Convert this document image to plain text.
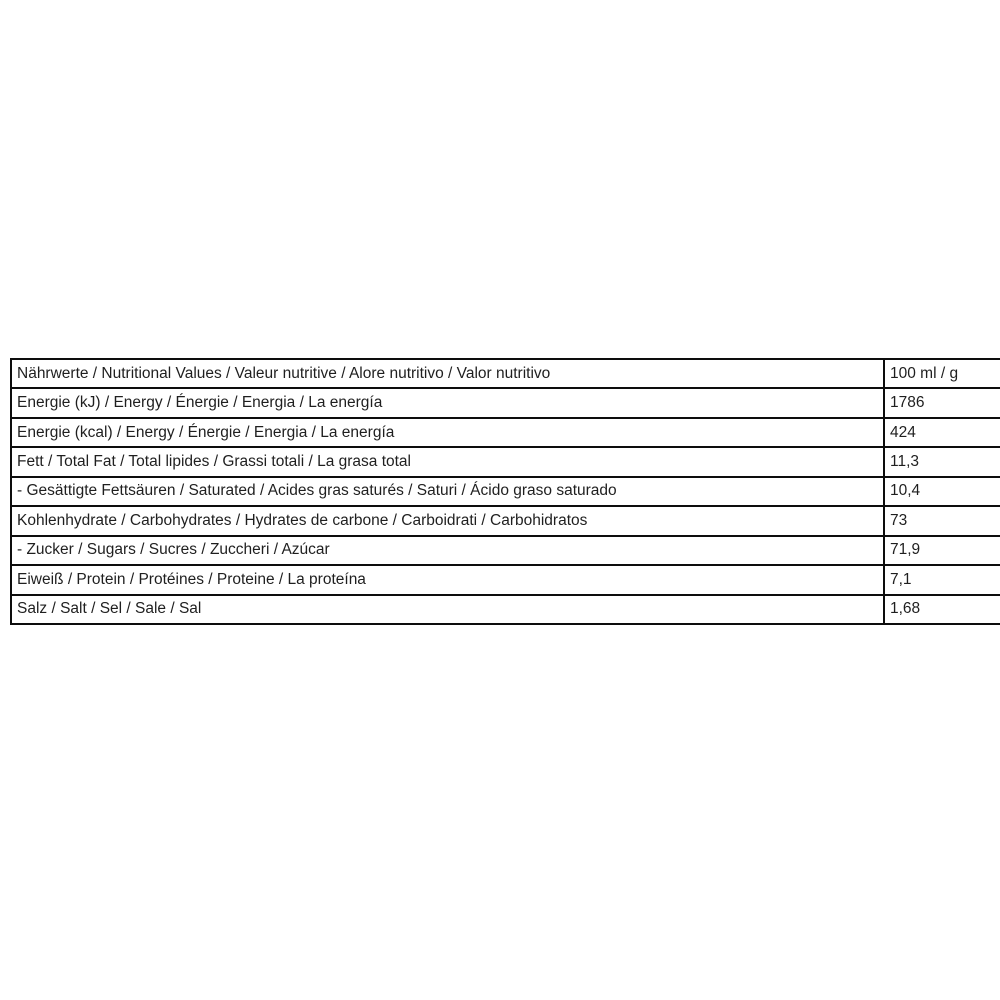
Nährwerte / Nutritional Values / Valeur nutritive / Alore nutritivo / Valor nutritivo	100 ml / g
Energie (kJ) / Energy / Énergie / Energia / La energía	1786
Energie (kcal) / Energy / Énergie / Energia / La energía	424
Fett / Total Fat / Total lipides / Grassi totali / La grasa total	11,3
- Gesättigte Fettsäuren / Saturated / Acides gras saturés / Saturi / Ácido graso saturado	10,4
Kohlenhydrate / Carbohydrates / Hydrates de carbone / Carboidrati / Carbohidratos	73
- Zucker / Sugars / Sucres / Zuccheri / Azúcar	71,9
Eiweiß / Protein / Protéines / Proteine / La proteína	7,1
Salz / Salt / Sel / Sale / Sal	1,68
